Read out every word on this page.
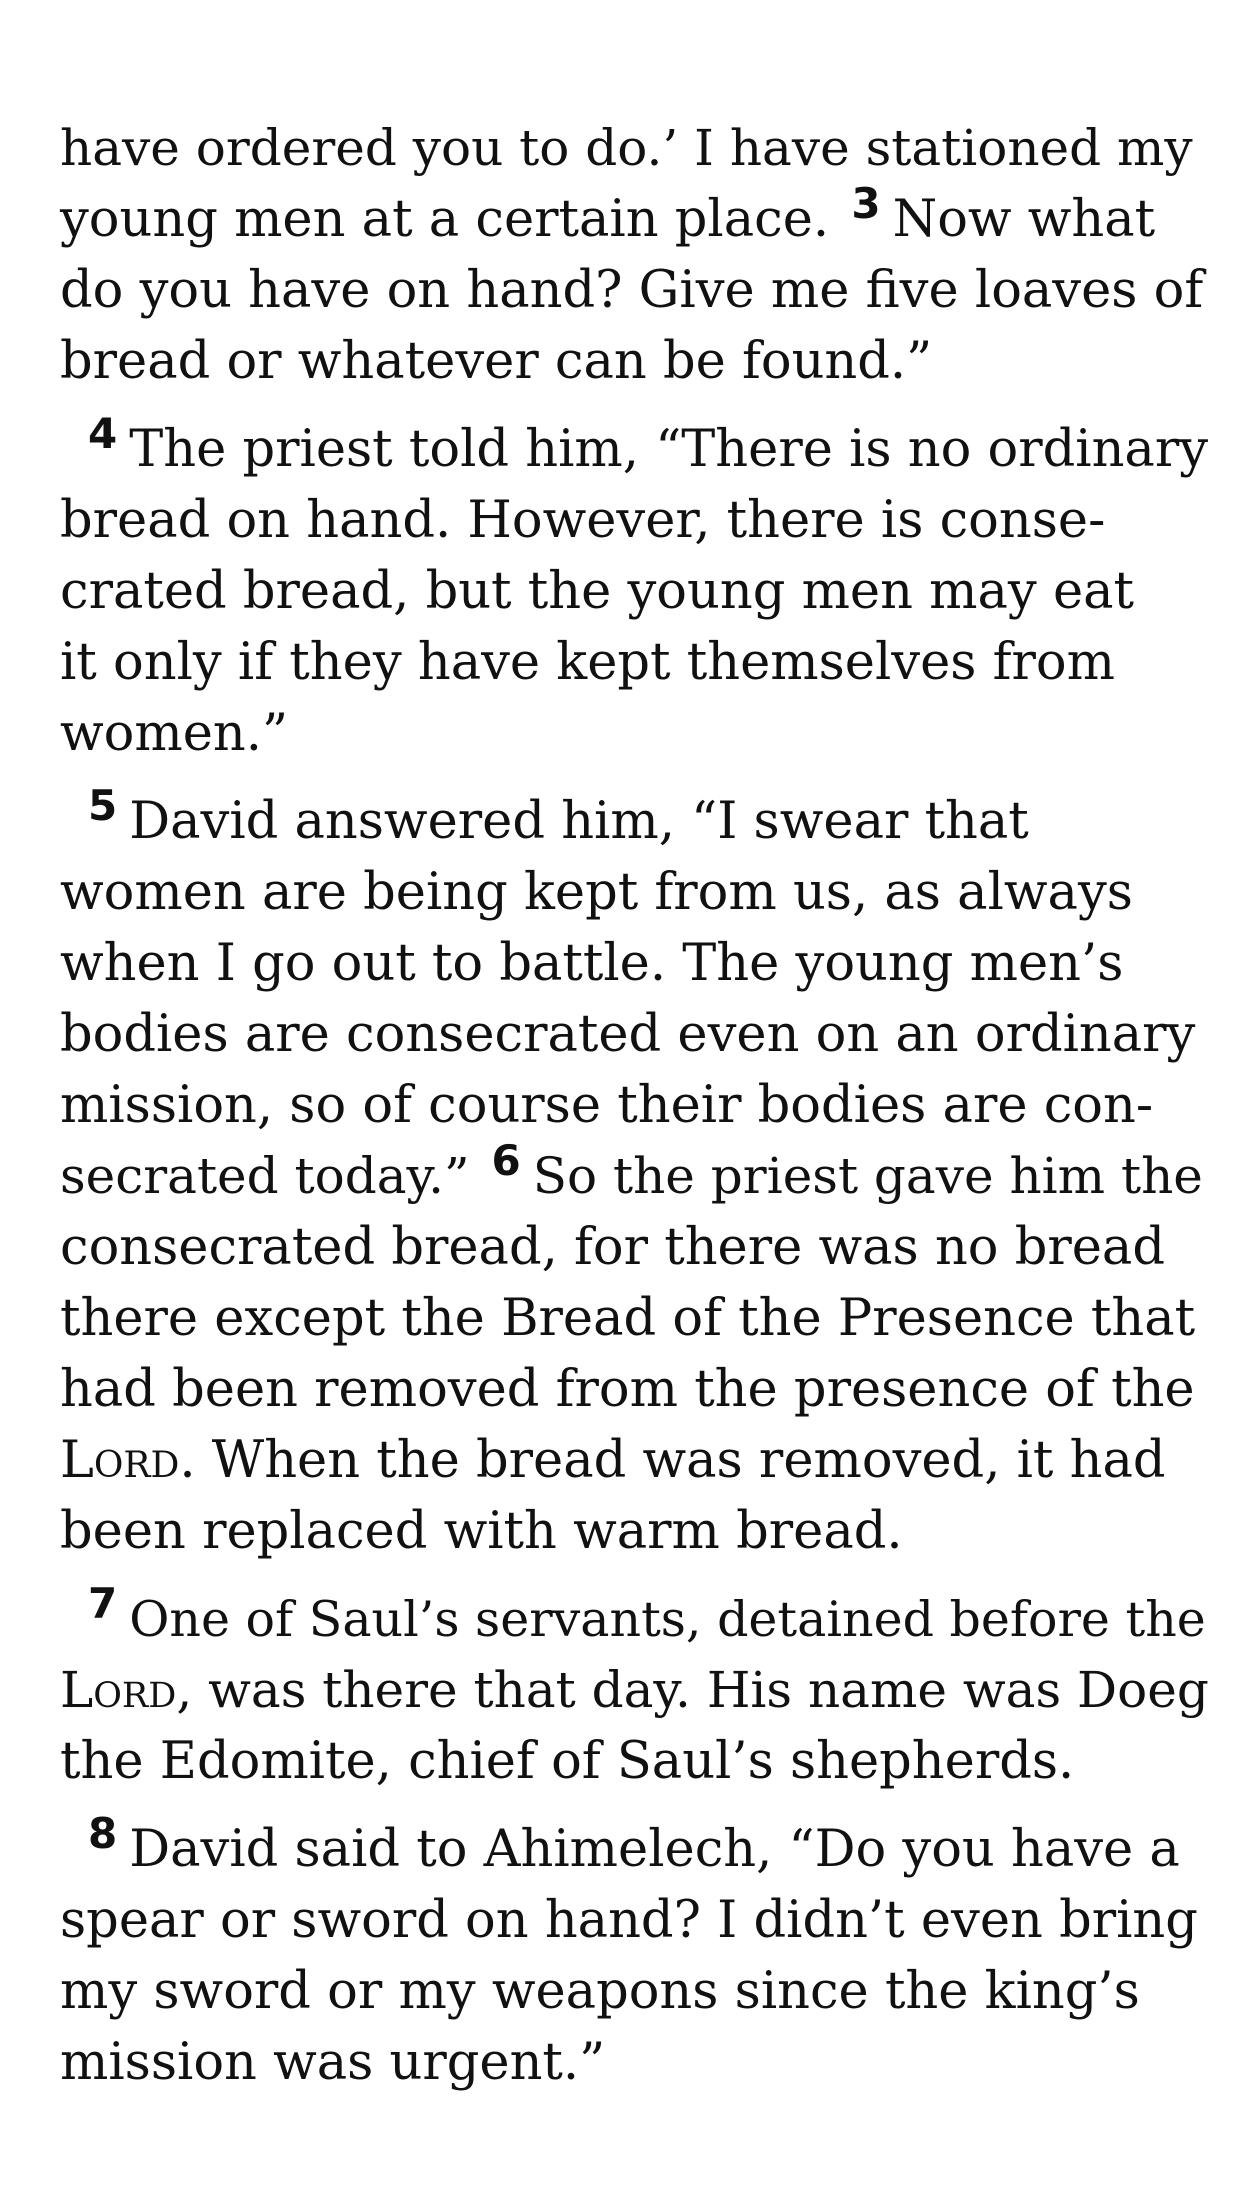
have ordered you to do.’ I have stationed my
young men at a certain place. $^3$ Now what
do you have on hand? Give me five loaves of
bread or whatever can be found.”
$^4$ The priest told him, “There is no ordinary
bread on hand. However, there is conse-
crated bread, but the young men may eat
it only if they have kept themselves from
women.”
$^5$ David answered him, “I swear that
women are being kept from us, as always
when I go out to battle. The young men’s
bodies are consecrated even on an ordinary
mission, so of course their bodies are con-
secrated today.” $^6$ So the priest gave him the
consecrated bread, for there was no bread
there except the Bread of the Presence that
had been removed from the presence of the
Lord. When the bread was removed, it had
been replaced with warm bread.
7 One of Saul’s servants, detained before the
Lord, was there that day. His name was Doeg
the Edomite, chief of Saul’s shepherds.
$^8$ David said to Ahimelech, “Do you have a
spear or sword on hand? I didn’t even bring
my sword or my weapons since the king’s
mission was urgent.”
